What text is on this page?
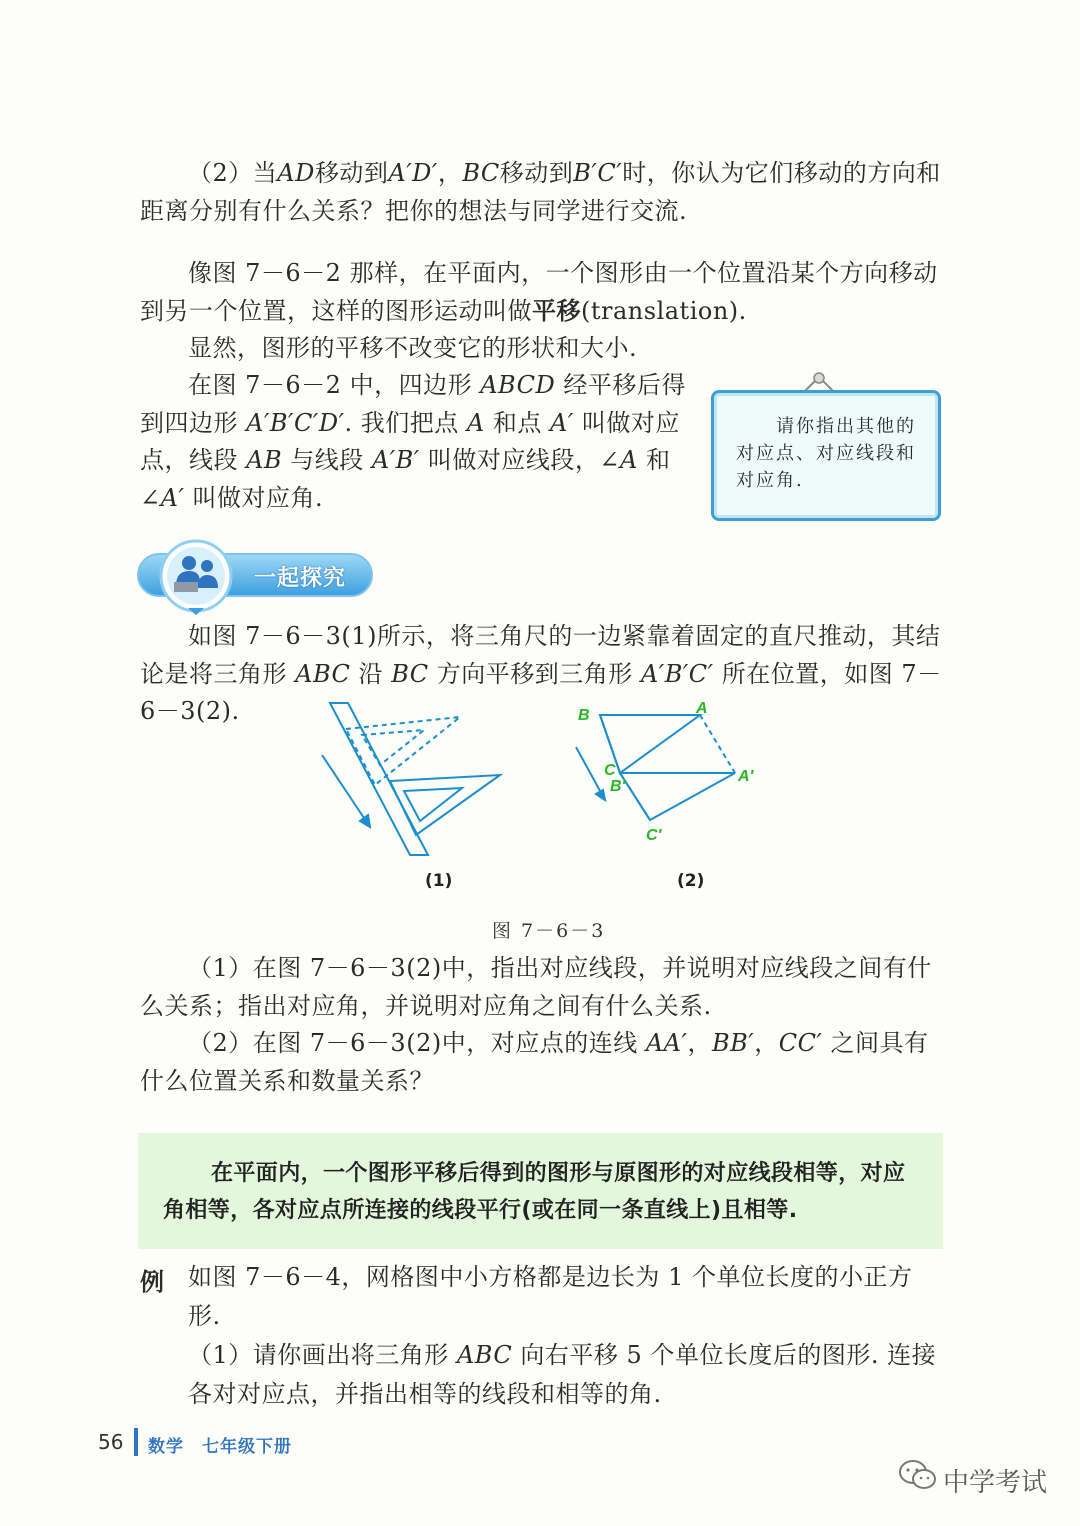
（2）当AD移动到A′D′，BC移动到B′C′时，你认为它们移动的方向和距离分别有什么关系？把你的想法与同学进行交流.

像图 7－6－2 那样，在平面内，一个图形由一个位置沿某个方向移动到另一个位置，这样的图形运动叫做平移(translation).

显然，图形的平移不改变它的形状和大小.

在图 7－6－2 中，四边形 ABCD 经平移后得到四边形 A′B′C′D′. 我们把点 A 和点 A′ 叫做对应点，线段 AB 与线段 A′B′ 叫做对应线段，∠A 和∠A′ 叫做对应角.

请你指出其他的对应点、对应线段和对应角.
一起探究

如图 7－6－3(1)所示，将三角尺的一边紧靠着固定的直尺推动，其结论是将三角形 ABC 沿 BC 方向平移到三角形 A′B′C′ 所在位置，如图 7－6－3(2).	B	A
C
B′
A′
C′
(1)	(2)
图 7－6－3

（1）在图 7－6－3(2)中，指出对应线段，并说明对应线段之间有什么关系；指出对应角，并说明对应角之间有什么关系.

（2）在图 7－6－3(2)中，对应点的连线 AA′，BB′，CC′ 之间具有什么位置关系和数量关系？

在平面内，一个图形平移后得到的图形与原图形的对应线段相等，对应角相等，各对应点所连接的线段平行(或在同一条直线上)且相等.
例 如图 7－6－4，网格图中小方格都是边长为 1 个单位长度的小正方形.

（1）请你画出将三角形 ABC 向右平移 5 个单位长度后的图形. 连接各对对应点，并指出相等的线段和相等的角.

56 数学　七年级下册
中学考试
